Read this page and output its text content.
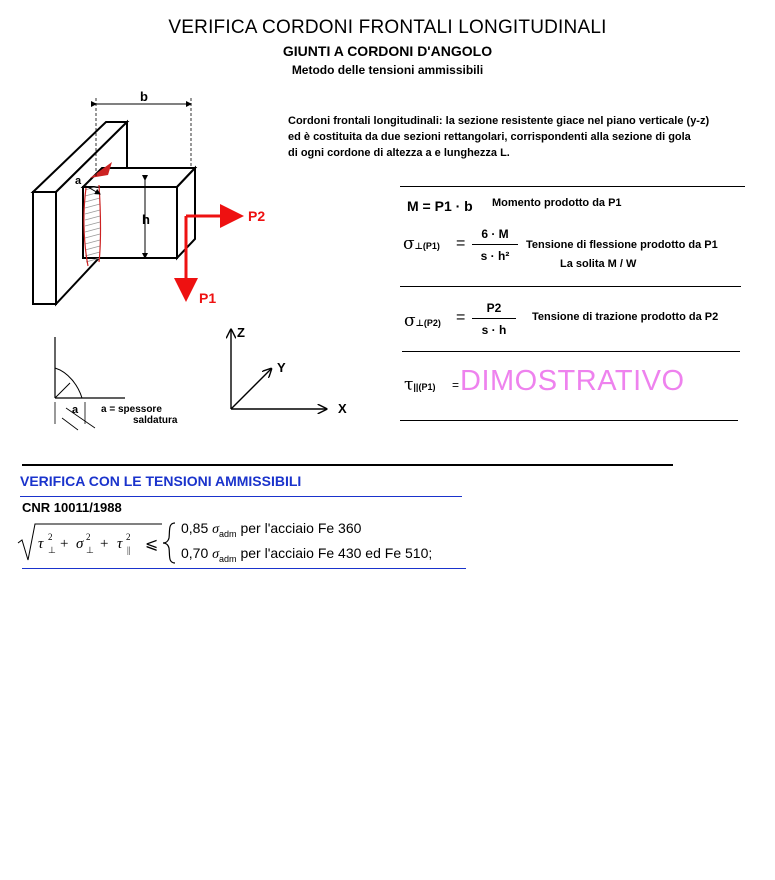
VERIFICA CORDONI FRONTALI LONGITUDINALI
GIUNTI A CORDONI D'ANGOLO
Metodo delle tensioni ammissibili
Cordoni frontali longitudinali: la sezione resistente giace nel piano verticale (y-z)
ed è costituita da due sezioni rettangolari, corrispondenti alla sezione di gola
di ogni cordone di altezza a e lunghezza L.
b
h
a
P2
P1
a a = spessore
saldatura
Z
Y
X
M = P1 · b Momento prodotto da P1
σ⊥(P1) =
6 · M
s · h²
Tensione di flessione prodotto da P1
La solita M / W
σ⊥(P2) =
P2
s · h
Tensione di trazione prodotto da P2
τ||(P1) = DIMOSTRATIVO
VERIFICA CON LE TENSIONI AMMISSIBILI
CNR 10011/1988
τ 2
⊥ + σ 2
⊥ + τ 2
|| ⩽
0,85 $\sigma_{adm}$ per l'acciaio Fe 360
0,70 $\sigma_{adm}$ per l'acciaio Fe 430 ed Fe 510;
